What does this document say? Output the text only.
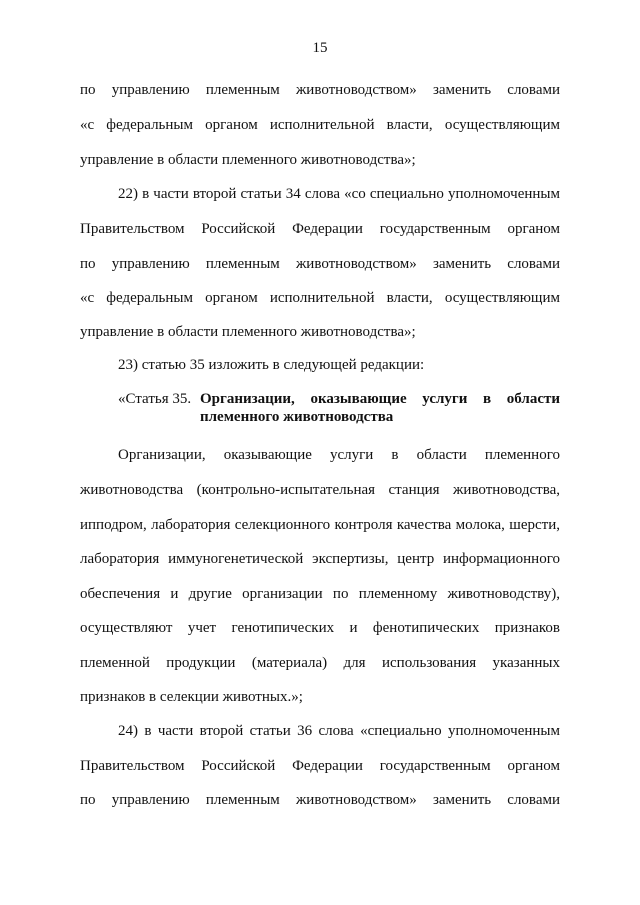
15
по управлению племенным животноводством» заменить словами
«с федеральным органом исполнительной власти, осуществляющим
управление в области племенного животноводства»;
22) в части второй статьи 34 слова «со специально уполномоченным
Правительством Российской Федерации государственным органом
по управлению племенным животноводством» заменить словами
«с федеральным органом исполнительной власти, осуществляющим
управление в области племенного животноводства»;
23) статью 35 изложить в следующей редакции:
«Статья 35. Организации, оказывающие услуги в области
племенного животноводства
Организации, оказывающие услуги в области племенного
животноводства (контрольно-испытательная станция животноводства,
ипподром, лаборатория селекционного контроля качества молока, шерсти,
лаборатория иммуногенетической экспертизы, центр информационного
обеспечения и другие организации по племенному животноводству),
осуществляют учет генотипических и фенотипических признаков
племенной продукции (материала) для использования указанных
признаков в селекции животных.»;
24) в части второй статьи 36 слова «специально уполномоченным
Правительством Российской Федерации государственным органом
по управлению племенным животноводством» заменить словами
